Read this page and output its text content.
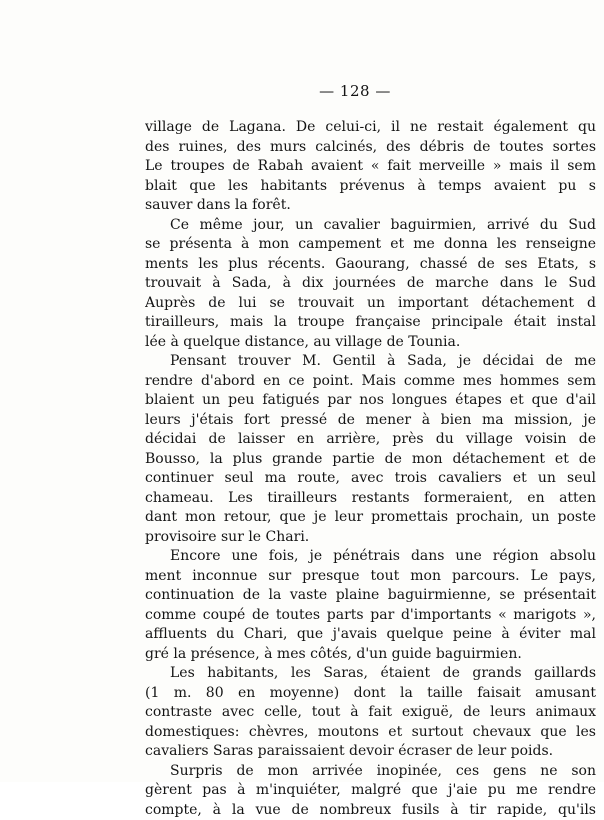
— 128 —
village de Lagana. De celui-ci, il ne restait également qu
des ruines, des murs calcinés, des débris de toutes sortes
Le troupes de Rabah avaient « fait merveille » mais il sem
blait que les habitants prévenus à temps avaient pu s
sauver dans la forêt.
Ce même jour, un cavalier baguirmien, arrivé du Sud
se présenta à mon campement et me donna les renseigne
ments les plus récents. Gaourang, chassé de ses Etats, s
trouvait à Sada, à dix journées de marche dans le Sud
Auprès de lui se trouvait un important détachement d
tirailleurs, mais la troupe française principale était instal
lée à quelque distance, au village de Tounia.
Pensant trouver M. Gentil à Sada, je décidai de me
rendre d'abord en ce point. Mais comme mes hommes sem
blaient un peu fatigués par nos longues étapes et que d'ail
leurs j'étais fort pressé de mener à bien ma mission, je
décidai de laisser en arrière, près du village voisin de
Bousso, la plus grande partie de mon détachement et de
continuer seul ma route, avec trois cavaliers et un seul
chameau. Les tirailleurs restants formeraient, en atten
dant mon retour, que je leur promettais prochain, un poste
provisoire sur le Chari.
Encore une fois, je pénétrais dans une région absolu
ment inconnue sur presque tout mon parcours. Le pays,
continuation de la vaste plaine baguirmienne, se présentait
comme coupé de toutes parts par d'importants « marigots »,
affluents du Chari, que j'avais quelque peine à éviter mal
gré la présence, à mes côtés, d'un guide baguirmien.
Les habitants, les Saras, étaient de grands gaillards
(1 m. 80 en moyenne) dont la taille faisait amusant
contraste avec celle, tout à fait exiguë, de leurs animaux
domestiques: chèvres, moutons et surtout chevaux que les
cavaliers Saras paraissaient devoir écraser de leur poids.
Surpris de mon arrivée inopinée, ces gens ne son
gèrent pas à m'inquiéter, malgré que j'aie pu me rendre
compte, à la vue de nombreux fusils à tir rapide, qu'ils
